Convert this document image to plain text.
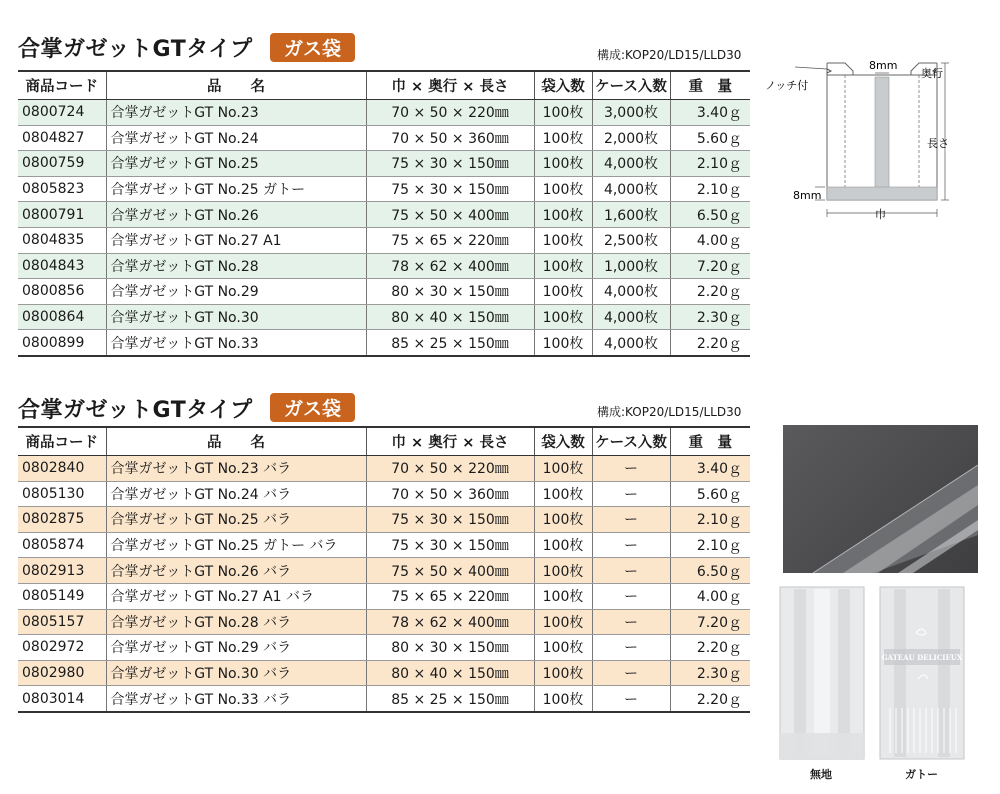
合掌ガゼットGTタイプ	ガス袋	構成:KOP20/LD15/LLD30
商品コード	品　　名	巾 × 奥行 × 長さ	袋入数	ケース入数	重　量
0800724	合掌ガゼットGT No.23	70 × 50 × 220㎜	100枚	3,000枚	3.40ｇ
0804827	合掌ガゼットGT No.24	70 × 50 × 360㎜	100枚	2,000枚	5.60ｇ
0800759	合掌ガゼットGT No.25	75 × 30 × 150㎜	100枚	4,000枚	2.10ｇ
0805823	合掌ガゼットGT No.25 ガトー	75 × 30 × 150㎜	100枚	4,000枚	2.10ｇ
0800791	合掌ガゼットGT No.26	75 × 50 × 400㎜	100枚	1,600枚	6.50ｇ
0804835	合掌ガゼットGT No.27 A1	75 × 65 × 220㎜	100枚	2,500枚	4.00ｇ
0804843	合掌ガゼットGT No.28	78 × 62 × 400㎜	100枚	1,000枚	7.20ｇ
0800856	合掌ガゼットGT No.29	80 × 30 × 150㎜	100枚	4,000枚	2.20ｇ
0800864	合掌ガゼットGT No.30	80 × 40 × 150㎜	100枚	4,000枚	2.30ｇ
0800899	合掌ガゼットGT No.33	85 × 25 × 150㎜	100枚	4,000枚	2.20ｇ
合掌ガゼットGTタイプ	ガス袋	構成:KOP20/LD15/LLD30
商品コード	品　　名	巾 × 奥行 × 長さ	袋入数	ケース入数	重　量
0802840	合掌ガゼットGT No.23 バラ	70 × 50 × 220㎜	100枚	ー	3.40ｇ
0805130	合掌ガゼットGT No.24 バラ	70 × 50 × 360㎜	100枚	ー	5.60ｇ
0802875	合掌ガゼットGT No.25 バラ	75 × 30 × 150㎜	100枚	ー	2.10ｇ
0805874	合掌ガゼットGT No.25 ガトー バラ	75 × 30 × 150㎜	100枚	ー	2.10ｇ
0802913	合掌ガゼットGT No.26 バラ	75 × 50 × 400㎜	100枚	ー	6.50ｇ
0805149	合掌ガゼットGT No.27 A1 バラ	75 × 65 × 220㎜	100枚	ー	4.00ｇ
0805157	合掌ガゼットGT No.28 バラ	78 × 62 × 400㎜	100枚	ー	7.20ｇ
0802972	合掌ガゼットGT No.29 バラ	80 × 30 × 150㎜	100枚	ー	2.20ｇ
0802980	合掌ガゼットGT No.30 バラ	80 × 40 × 150㎜	100枚	ー	2.30ｇ
0803014	合掌ガゼットGT No.33 バラ	85 × 25 × 150㎜	100枚	ー	2.20ｇ
ノッチ付
8mm
奥行
長さ
8mm
巾
無地
GATEAU DELICIEUX
ガトー
